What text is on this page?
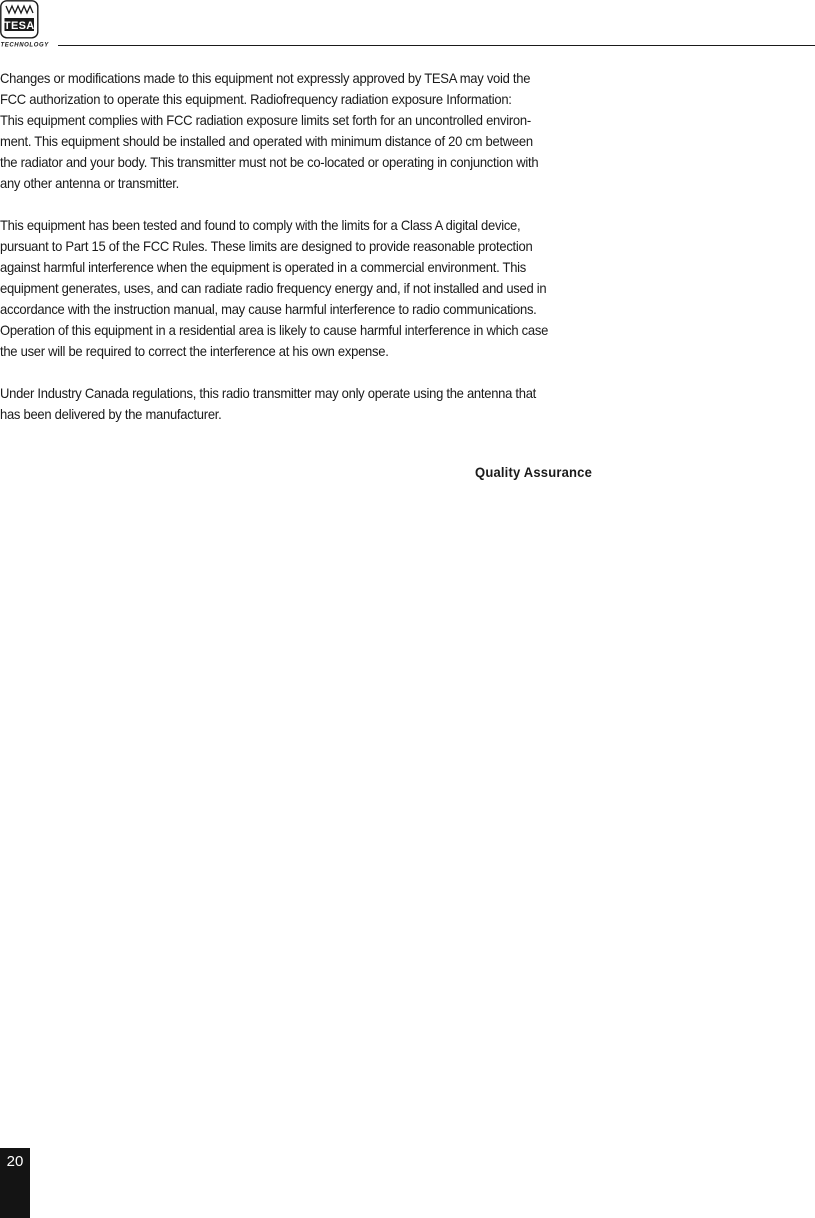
TESA
TECHNOLOGY
Changes or modifications made to this equipment not expressly approved by TESA may void the
FCC authorization to operate this equipment. Radiofrequency radiation exposure Information:
This equipment complies with FCC radiation exposure limits set forth for an uncontrolled environ-
ment. This equipment should be installed and operated with minimum distance of 20 cm between
the radiator and your body. This transmitter must not be co-located or operating in conjunction with
any other antenna or transmitter.
This equipment has been tested and found to comply with the limits for a Class A digital device,
pursuant to Part 15 of the FCC Rules. These limits are designed to provide reasonable protection
against harmful interference when the equipment is operated in a commercial environment. This
equipment generates, uses, and can radiate radio frequency energy and, if not installed and used in
accordance with the instruction manual, may cause harmful interference to radio communications.
Operation of this equipment in a residential area is likely to cause harmful interference in which case
the user will be required to correct the interference at his own expense.
Under Industry Canada regulations, this radio transmitter may only operate using the antenna that
has been delivered by the manufacturer.
Quality Assurance
20
